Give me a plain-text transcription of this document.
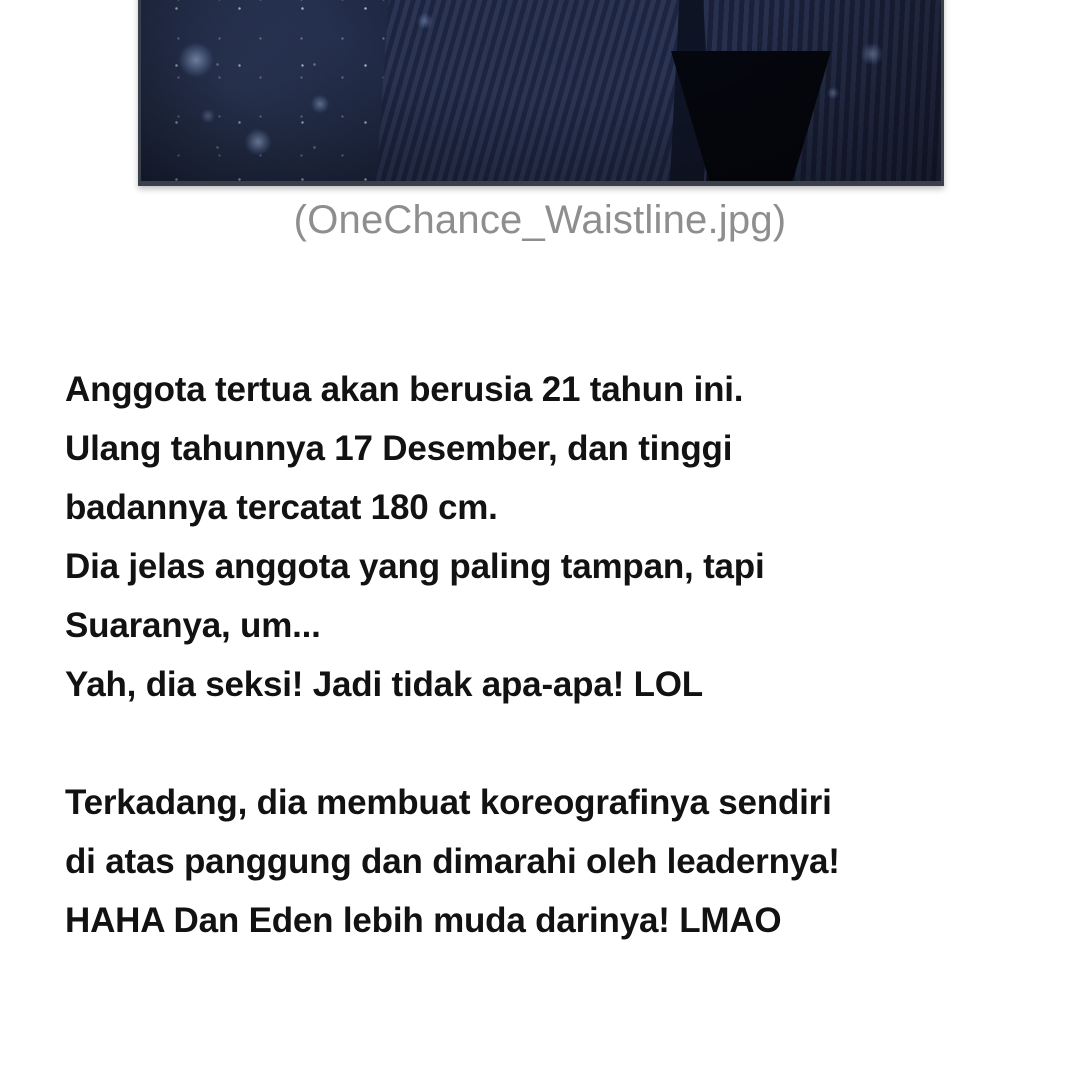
(OneChance_Waistline.jpg)
Anggota tertua akan berusia 21 tahun ini.
Ulang tahunnya 17 Desember, dan tinggi
badannya tercatat 180 cm.
Dia jelas anggota yang paling tampan, tapi
Suaranya, um...
Yah, dia seksi! Jadi tidak apa-apa! LOL
Terkadang, dia membuat koreografinya sendiri
di atas panggung dan dimarahi oleh leadernya!
HAHA Dan Eden lebih muda darinya! LMAO
